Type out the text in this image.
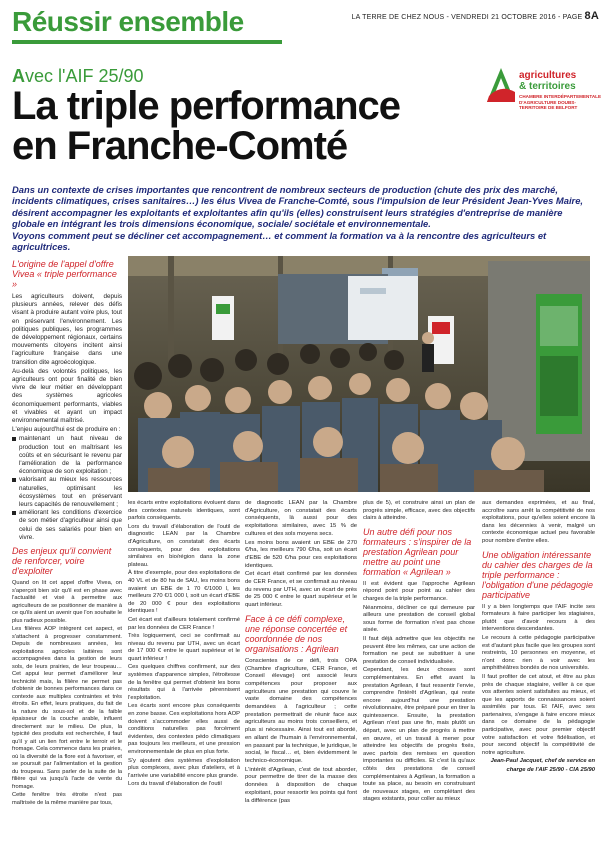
Réussir ensemble	LA TERRE DE CHEZ NOUS - VENDREDI 21 OCTOBRE 2016 - PAGE 8A
Avec l'AIF 25/90
La triple performance
en Franche-Comté
agricultures
& territoires
CHAMBRE INTERDÉPARTEMENTALE D'AGRICULTURE DOUBS-TERRITOIRE DE BELFORT

Dans un contexte de crises importantes que rencontrent de nombreux secteurs de production (chute des prix des marché, incidents climatiques, crises sanitaires…) les élus Vivea de Franche-Comté, sous l'impulsion de leur Président Jean-Yves Maire, désirent accompagner les exploitants et exploitantes afin qu'ils (elles) construisent leurs stratégies d'entreprise de manière globale en intégrant les trois dimensions économique, sociale/ sociétale et environnementale.

Voyons comment peut se décliner cet accompagnement… et comment la formation va à la rencontre des agriculteurs et agricultrices.

L'origine de l'appel d'offre Vivea « triple performance »

Les agriculteurs doivent, depuis plusieurs années, relever des défis visant à produire autant voire plus, tout en préservant l'environnement. Les politiques publiques, les programmes de développement régionaux, certains mouvements citoyens incitent ainsi l'agriculture française dans une transition dite agroécologique.

Au-delà des volontés politiques, les agriculteurs ont pour finalité de bien vivre de leur métier en développant des systèmes agricoles économiquement performants, viables et vivables et ayant un impact environnemental maîtrisé.

L'enjeu aujourd'hui est de produire en :

maintenant un haut niveau de production tout en maîtrisant les coûts et en sécurisant le revenu par l'amélioration de la performance économique de son exploitation ;
valorisant au mieux les ressources naturelles, optimisant les écosystèmes tout en préservant leurs capacités de renouvellement ;
améliorant les conditions d'exercice de son métier d'agriculteur ainsi que celui de ses salariés pour bien en vivre.
Des enjeux qu'il convient de renforcer, voire d'exploiter

Quand on lit cet appel d'offre Vivea, on s'aperçoit bien sûr qu'il est en phase avec l'actualité et visé à permettre aux agriculteurs de se positionner de manière à ce qu'ils aient un avenir que l'on souhaite le plus radieux possible.

Les filières AOP intègrent cet aspect, et s'attachent à progresser constamment. Depuis de nombreuses années, les exploitations agricoles laitières sont accompagnées dans la gestion de leurs sols, de leurs prairies, de leur troupeau… Cet appui leur permet d'améliorer leur technicité mais, la filière ne permet pas d'obtenir de bonnes performances dans ce contexte aux multiples contraintes et très étroits. En effet, leurs pratiques, du fait de la nature du sous-sol et de la faible épaisseur de la couche arable, influent directement sur le milieu. De plus, la typicité des produits est recherchée, il faut qu'il y ait un lien fort entre le terroir et le fromage. Cela commence dans les prairies, où la diversité de la flore est à favoriser, et se poursuit par l'alimentation et la gestion du troupeau. Sans parler de la suite de la filière qui va jusqu'à l'acte de vente du fromage.

Cette fenêtre très étroite n'est pas maîtrisée de la même manière par tous,

les écarts entre exploitations évoluent dans des contextes naturels identiques, sont parfois conséquents.

Lors du travail d'élaboration de l'outil de diagnostic LEAN par la Chambre d'Agriculture, on constatait des écarts conséquents, pour des exploitations similaires en bio/région dans la zone plateau.

À titre d'exemple, pour des exploitations de 40 VL et de 80 ha de SAU, les moins bons avaient un EBE de 1 70 €/1000 l, les meilleurs 270 €/1 000 l, soit un écart d'EBE de 20 000 € pour des exploitations identiques !

Cet écart est d'ailleurs totalement confirmé par les données de CER France !

Très logiquement, ceci se confirmait au niveau du revenu par UTH, avec un écart de 17 000 € entre le quart supérieur et le quart inférieur !

Ces quelques chiffres confirment, sur des systèmes d'apparence simples, l'étroitesse de la fenêtre qui permet d'obtenir les bons résultats qui à l'arrivée pérennisent l'exploitation.

Les écarts sont encore plus conséquents en zone basse. Ces exploitations hors AOP doivent s'accommoder elles aussi de conditions naturelles pas forcément évidentes, des contextes pédo climatiques pas toujours les meilleurs, et une pression environnementale de plus en plus forte.

S'y ajoutent des systèmes d'exploitation plus complexes, avec plus d'ateliers, et à l'arrivée une variabilité encore plus grande.

Lors du travail d'élaboration de l'outil

de diagnostic LEAN par la Chambre d'Agriculture, on constatait des écarts conséquents, là aussi pour des exploitations similaires, avec 15 % de cultures et des sols moyens secs.

Les moins bons avaient un EBE de 270 €/ha, les meilleurs 790 €/ha, soit un écart d'EBE de 520 €/ha pour ces exploitations identiques.

Cet écart était confirmé par les données de CER France, et se confirmait au niveau du revenu par UTH, avec un écart de près de 25 000 € entre le quart supérieur et le quart inférieur.

Face à ce défi complexe, une réponse concertée et coordonnée de nos organisations : Agrilean

Conscientes de ce défi, trois OPA (Chambre d'agriculture, CER France, et Conseil élevage) ont associé leurs compétences pour proposer aux agriculteurs une prestation qui couvre le vaste domaine des compétences demandées à l'agriculteur ; cette prestation permettrait de réunir face aux agriculteurs au moins trois conseillers, et plus si nécessaire. Ainsi tout est abordé, en allant de l'humain à l'environnemental, en passant par la technique, le juridique, le social, le fiscal… et, bien évidemment le technico-économique.

L'intérêt d'Agrilean, c'est de tout aborder, pour permettre de tirer de la masse des données à disposition de chaque exploitant, pour ressortir les points qui font la différence (pas

plus de 5), et construire ainsi un plan de progrès simple, efficace, avec des objectifs clairs à atteindre.

Un autre défi pour nos formateurs : s'inspirer de la prestation Agrilean pour mettre au point une formation « Agrilean »

Il est évident que l'approche Agrilean répond point pour point au cahier des charges de la triple performance.

Néanmoins, décliner ce qui demeure par ailleurs une prestation de conseil global sous forme de formation n'est pas chose aisée.

Il faut déjà admettre que les objectifs ne peuvent être les mêmes, car une action de formation ne peut se substituer à une prestation de conseil individualisée.

Cependant, les deux choses sont complémentaires. En effet avant la prestation Agrilean, il faut ressentir l'envie, comprendre l'intérêt d'Agrilean, qui reste encore aujourd'hui une prestation révolutionnaire, être préparé pour en tirer la quintessence. Ensuite, la prestation Agrilean n'est pas une fin, mais plutôt un départ, avec un plan de progrès à mettre en œuvre, et un travail à mener pour atteindre les objectifs de progrès fixés, avec parfois des remises en question importantes ou difficiles. Et c'est là qu'aux côtés des prestations de conseil complémentaires à Agrilean, la formation a toute sa place, au besoin en construisant de nouveaux stages, en complétant des stages existants, pour coller au mieux

aux demandes exprimées, et au final, accroître sans arrêt la compétitivité de nos exploitations, pour qu'elles soient encore là dans les décennies à venir, malgré un contexte économique actuel peu favorable pour nombre d'entre elles.

Une obligation intéressante du cahier des charges de la triple performance : l'obligation d'une pédagogie participative

Il y a bien longtemps que l'AIF incite ses formateurs à faire participer les stagiaires, plutôt que d'avoir recours à des interventions descendantes.

Le recours à cette pédagogie participative est d'autant plus facile que les groupes sont restreints, 10 personnes en moyenne, et n'ont donc rien à voir avec les amphithéâtres bondés de nos universités.

Il faut profiter de cet atout, et être au plus près de chaque stagiaire, veiller à ce que vos attentes soient satisfaites au mieux, et que les apports de connaissances soient assimilés par tous. Et l'AIF, avec ses partenaires, s'engage à faire encore mieux dans ce domaine de la pédagogie participative, avec pour premier objectif votre satisfaction et votre fidélisation, et pour second objectif la compétitivité de notre agriculture.

Jean-Paul Jacquet, chef de service en

charge de l'AIF 25/90 - CIA 25/90
